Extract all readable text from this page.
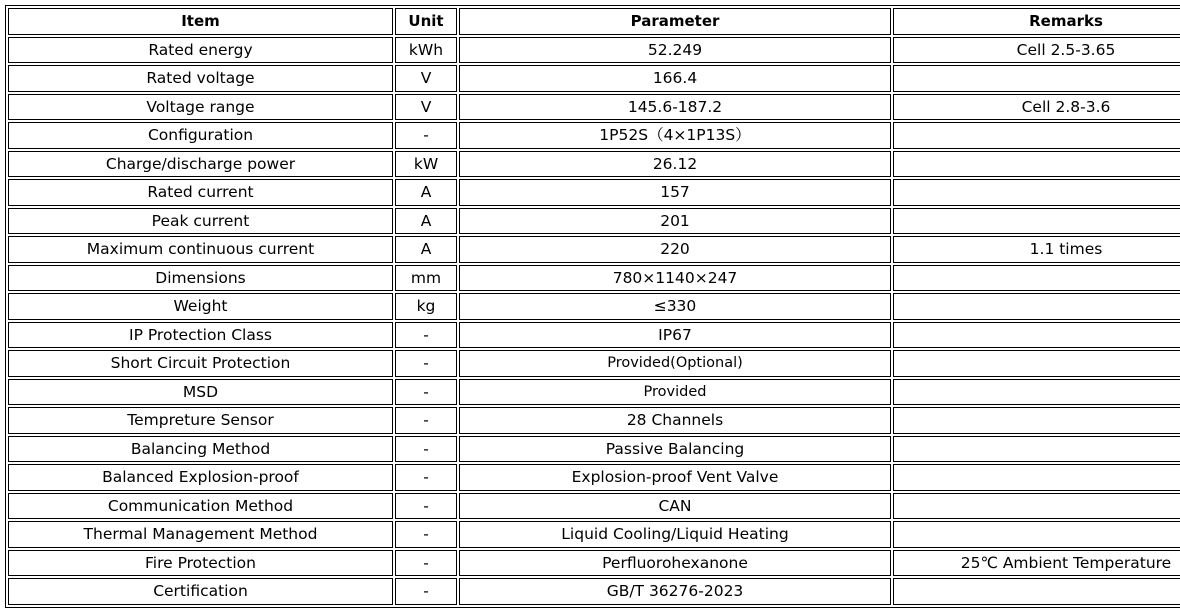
Item	Unit	Parameter	Remarks
Rated energy	kWh	52.249	Cell 2.5-3.65
Rated voltage	V	166.4	
Voltage range	V	145.6-187.2	Cell 2.8-3.6
Configuration	-	1P52S（4×1P13S）	
Charge/discharge power	kW	26.12	
Rated current	A	157	
Peak current	A	201	
Maximum continuous current	A	220	1.1 times
Dimensions	mm	780×1140×247	
Weight	kg	≤330	
IP Protection Class	-	IP67	
Short Circuit Protection	-	Provided(Optional)	
MSD	-	Provided	
Tempreture Sensor	-	28 Channels	
Balancing Method	-	Passive Balancing	
Balanced Explosion-proof	-	Explosion-proof Vent Valve	
Communication Method	-	CAN	
Thermal Management Method	-	Liquid Cooling/Liquid Heating	
Fire Protection	-	Perfluorohexanone	25℃ Ambient Temperature
Certification	-	GB/T 36276-2023	
